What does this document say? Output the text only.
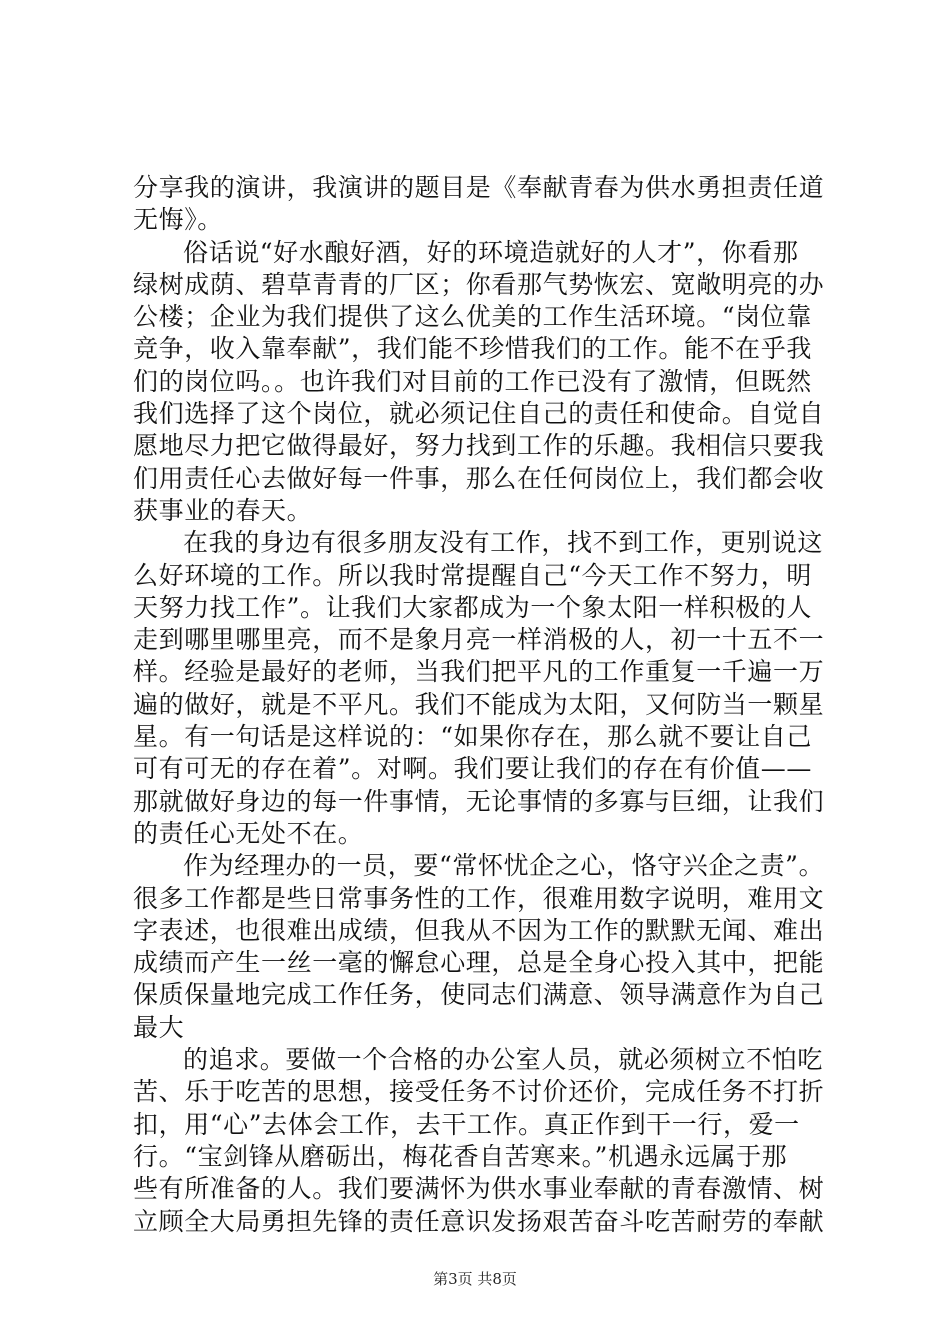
分享我的演讲，我演讲的题目是《奉献青春为供水勇担责任道
无悔》。
俗话说“好水酿好酒，好的环境造就好的人才”，你看那
绿树成荫、碧草青青的厂区；你看那气势恢宏、宽敞明亮的办
公楼；企业为我们提供了这么优美的工作生活环境。“岗位靠
竞争，收入靠奉献”，我们能不珍惜我们的工作。能不在乎我
们的岗位吗。。也许我们对目前的工作已没有了激情，但既然
我们选择了这个岗位，就必须记住自己的责任和使命。自觉自
愿地尽力把它做得最好，努力找到工作的乐趣。我相信只要我
们用责任心去做好每一件事，那么在任何岗位上，我们都会收
获事业的春天。
在我的身边有很多朋友没有工作，找不到工作，更别说这
么好环境的工作。所以我时常提醒自己“今天工作不努力，明
天努力找工作”。让我们大家都成为一个象太阳一样积极的人
走到哪里哪里亮，而不是象月亮一样消极的人，初一十五不一
样。经验是最好的老师，当我们把平凡的工作重复一千遍一万
遍的做好，就是不平凡。我们不能成为太阳，又何防当一颗星
星。有一句话是这样说的：“如果你存在，那么就不要让自己
可有可无的存在着”。对啊。我们要让我们的存在有价值——
那就做好身边的每一件事情，无论事情的多寡与巨细，让我们
的责任心无处不在。
作为经理办的一员，要“常怀忧企之心，恪守兴企之责”。
很多工作都是些日常事务性的工作，很难用数字说明，难用文
字表述，也很难出成绩，但我从不因为工作的默默无闻、难出
成绩而产生一丝一毫的懈怠心理，总是全身心投入其中，把能
保质保量地完成工作任务，使同志们满意、领导满意作为自己
最大
的追求。要做一个合格的办公室人员，就必须树立不怕吃
苦、乐于吃苦的思想，接受任务不讨价还价，完成任务不打折
扣，用“心”去体会工作，去干工作。真正作到干一行，爱一
行。“宝剑锋从磨砺出，梅花香自苦寒来。”机遇永远属于那
些有所准备的人。我们要满怀为供水事业奉献的青春激情、树
立顾全大局勇担先锋的责任意识发扬艰苦奋斗吃苦耐劳的奉献
第3页 共8页
